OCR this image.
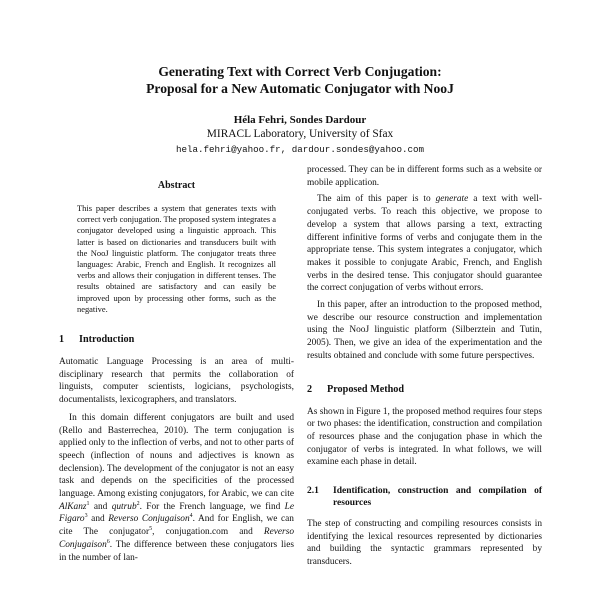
Generating Text with Correct Verb Conjugation:
Proposal for a New Automatic Conjugator with NooJ
Héla Fehri, Sondes Dardour
MIRACL Laboratory, University of Sfax
hela.fehri@yahoo.fr, dardour.sondes@yahoo.com
Abstract
This paper describes a system that generates texts with correct verb conjugation. The proposed system integrates a conjugator developed using a linguistic approach. This latter is based on dictionaries and transducers built with the NooJ linguistic platform. The conjugator treats three languages: Arabic, French and English. It recognizes all verbs and allows their conjugation in different tenses. The results obtained are satisfactory and can easily be improved upon by processing other forms, such as the negative.
1	Introduction

Automatic Language Processing is an area of multi-disciplinary research that permits the collaboration of linguists, computer scientists, logicians, psychologists, documentalists, lexicographers, and translators.

In this domain different conjugators are built and used (Rello and Basterrechea, 2010). The term conjugation is applied only to the inflection of verbs, and not to other parts of speech (inflection of nouns and adjectives is known as declension). The development of the conjugator is not an easy task and depends on the specificities of the processed language. Among existing conjugators, for Arabic, we can cite AlKanz$^1$ and qutrub$^2$. For the French language, we find Le Figaro$^3$ and Reverso Conjugaison$^4$. And for English, we can cite The conjugator$^5$, conjugation.com and Reverso Conjugaison$^6$. The difference between these conjugators lies in the number of lan-

processed. They can be in different forms such as a website or mobile application.

The aim of this paper is to generate a text with well-conjugated verbs. To reach this objective, we propose to develop a system that allows parsing a text, extracting different infinitive forms of verbs and conjugate them in the appropriate tense. This system integrates a conjugator, which makes it possible to conjugate Arabic, French, and English verbs in the desired tense. This conjugator should guarantee the correct conjugation of verbs without errors.

In this paper, after an introduction to the proposed method, we describe our resource construction and implementation using the NooJ linguistic platform (Silberztein and Tutin, 2005). Then, we give an idea of the experimentation and the results obtained and conclude with some future perspectives.

2	Proposed Method

As shown in Figure 1, the proposed method requires four steps or two phases: the identification, construction and compilation of resources phase and the conjugation phase in which the conjugator of verbs is integrated. In what follows, we will examine each phase in detail.

2.1	Identification, construction and compilation of resources

The step of constructing and compiling resources consists in identifying the lexical resources represented by dictionaries and building the syntactic grammars represented by transducers.
